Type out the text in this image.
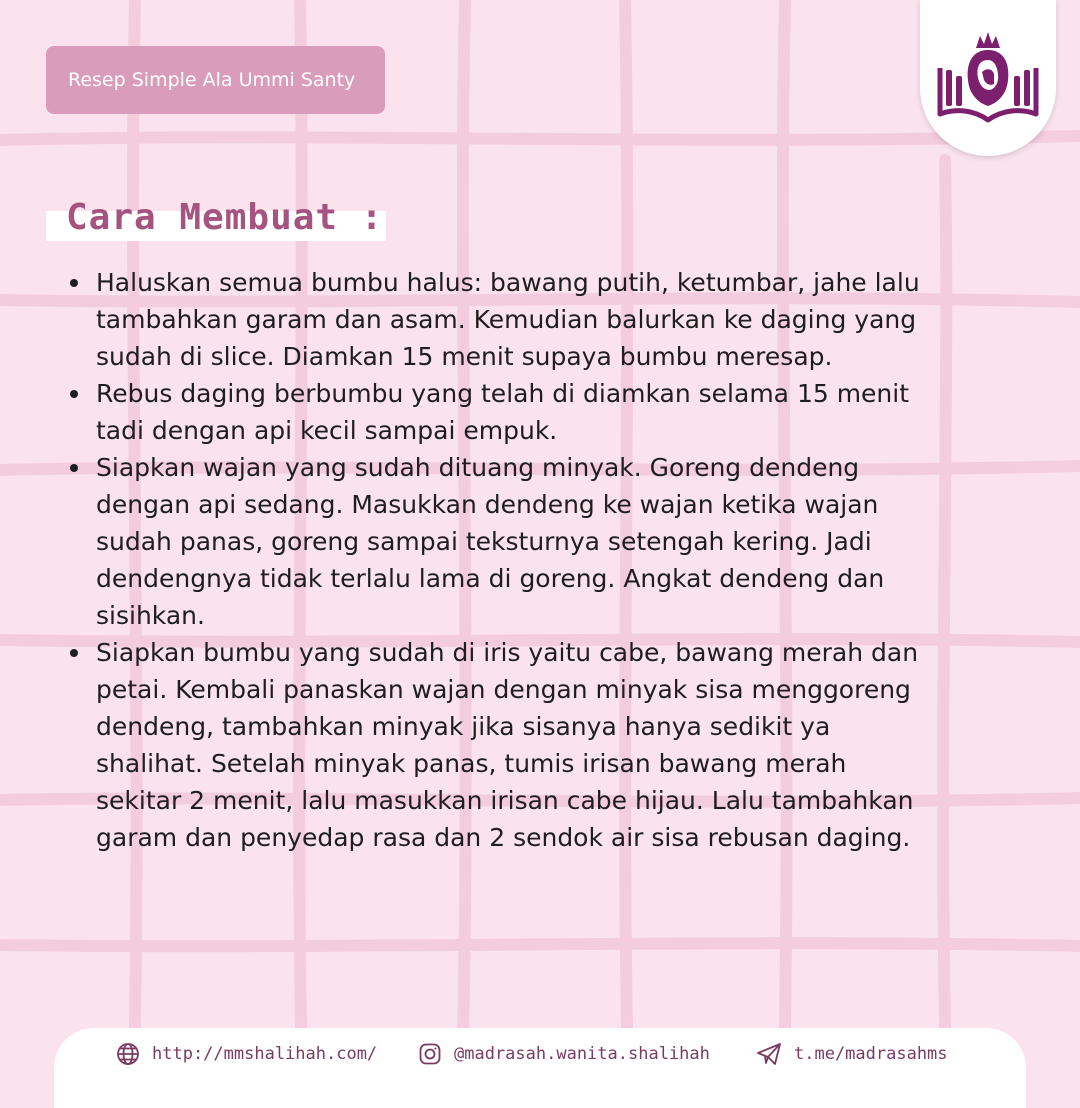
Resep Simple Ala Ummi Santy
Cara Membuat :
Haluskan semua bumbu halus: bawang putih, ketumbar, jahe lalu tambahkan garam dan asam. Kemudian balurkan ke daging yang sudah di slice. Diamkan 15 menit supaya bumbu meresap.
Rebus daging berbumbu yang telah di diamkan selama 15 menit tadi dengan api kecil sampai empuk.
Siapkan wajan yang sudah dituang minyak. Goreng dendeng dengan api sedang. Masukkan dendeng ke wajan ketika wajan sudah panas, goreng sampai teksturnya setengah kering. Jadi dendengnya tidak terlalu lama di goreng. Angkat dendeng dan sisihkan.
Siapkan bumbu yang sudah di iris yaitu cabe, bawang merah dan petai. Kembali panaskan wajan dengan minyak sisa menggoreng dendeng, tambahkan minyak jika sisanya hanya sedikit ya shalihat. Setelah minyak panas, tumis irisan bawang merah sekitar 2 menit, lalu masukkan irisan cabe hijau. Lalu tambahkan garam dan penyedap rasa dan 2 sendok air sisa rebusan daging.
http://mmshalihah.com/	@madrasah.wanita.shalihah	t.me/madrasahms
